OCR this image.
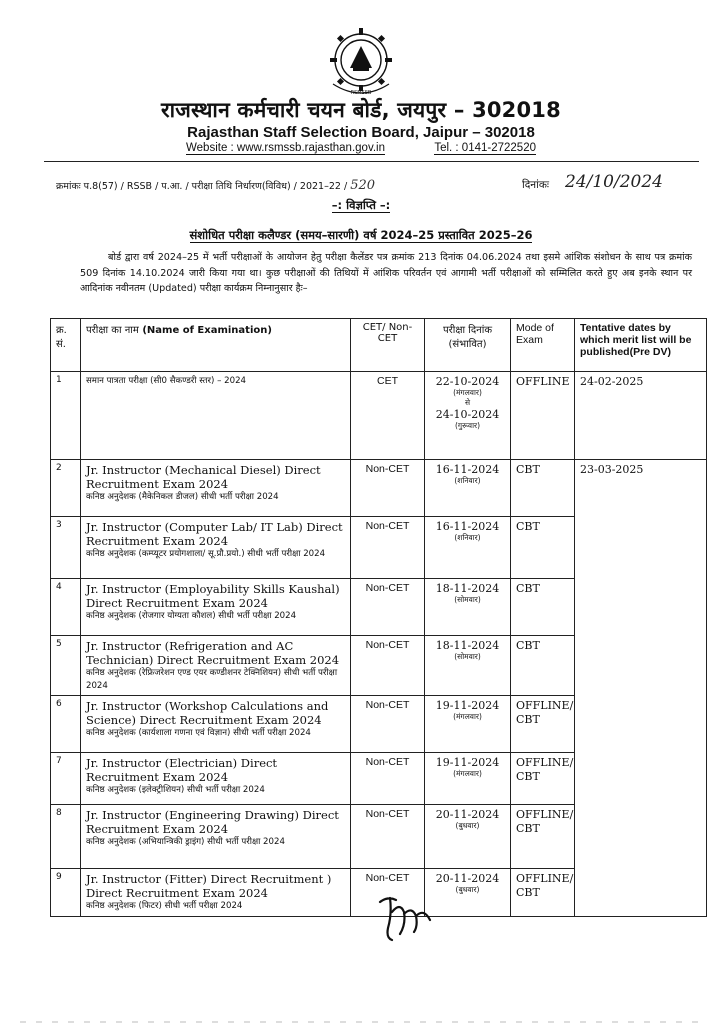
RSMSSB
राजस्थान कर्मचारी चयन बोर्ड, जयपुर – 302018
Rajasthan Staff Selection Board, Jaipur – 302018
Website : www.rsmssb.rajasthan.gov.in	Tel. : 0141-2722520
क्रमांकः प.8(57) / RSSB / प.आ. / परीक्षा तिथि निर्धारण(विविध) / 2021–22 / 520	दिनांकः 24/10/2024
–: विज्ञप्ति –:
संशोधित परीक्षा कलैण्डर (समय–सारणी) वर्ष 2024–25 प्रस्तावित 2025–26
बोर्ड द्वारा वर्ष 2024–25 में भर्ती परीक्षाओं के आयोजन हेतु परीक्षा कैलेंडर पत्र क्रमांक 213 दिनांक 04.06.2024 तथा इसमे आंशिक संशोधन के साथ पत्र क्रमांक 509 दिनांक 14.10.2024 जारी किया गया था। कुछ परीक्षाओं की तिथियों में आंशिक परिवर्तन एवं आगामी भर्ती परीक्षाओं को सम्मिलित करते हुए अब इनके स्थान पर आदिनांक नवीनतम (Updated) परीक्षा कार्यक्रम निम्नानुसार हैः–
क्र. सं.	परीक्षा का नाम (Name of Examination)	CET/ Non-CET	परीक्षा दिनांक (संभावित)	Mode of Exam	Tentative dates by which merit list will be published(Pre DV)
1	समान पात्रता परीक्षा (सी0 सैकण्डरी स्तर) – 2024	CET	22-10-2024
(मंगलवार)
से
24-10-2024
(गुरूवार)	OFFLINE	24-02-2025
2	Jr. Instructor (Mechanical Diesel) Direct Recruitment Exam 2024
कनिष्ठ अनुदेशक (मैकेनिकल डीजल) सीधी भर्ती परीक्षा 2024	Non-CET	16-11-2024
(शनिवार)	CBT	23-03-2025
3	Jr. Instructor (Computer Lab/ IT Lab) Direct Recruitment Exam 2024
कनिष्ठ अनुदेशक (कम्प्यूटर प्रयोगशाला/ सू.प्रौ.प्रयो.) सीधी भर्ती परीक्षा 2024	Non-CET	16-11-2024
(शनिवार)	CBT	
4	Jr. Instructor (Employability Skills Kaushal) Direct Recruitment Exam 2024
कनिष्ठ अनुदेशक (रोजगार योग्यता कौशल) सीधी भर्ती परीक्षा 2024	Non-CET	18-11-2024
(सोमवार)	CBT	
5	Jr. Instructor (Refrigeration and AC Technician) Direct Recruitment Exam 2024
कनिष्ठ अनुदेशक (रेफ्रिजरेशन एण्ड एयर कण्डीशनर टेक्निशियन) सीधी भर्ती परीक्षा 2024	Non-CET	18-11-2024
(सोमवार)	CBT	
6	Jr. Instructor (Workshop Calculations and Science) Direct Recruitment Exam 2024
कनिष्ठ अनुदेशक (कार्यशाला गणना एवं विज्ञान) सीधी भर्ती परीक्षा 2024	Non-CET	19-11-2024
(मंगलवार)	OFFLINE/ CBT	
7	Jr. Instructor (Electrician) Direct Recruitment Exam 2024
कनिष्ठ अनुदेशक (इलेक्ट्रीशियन) सीधी भर्ती परीक्षा 2024	Non-CET	19-11-2024
(मंगलवार)	OFFLINE/ CBT	
8	Jr. Instructor (Engineering Drawing) Direct Recruitment Exam 2024
कनिष्ठ अनुदेशक (अभियान्त्रिकी ड्राइंग) सीधी भर्ती परीक्षा 2024	Non-CET	20-11-2024
(बुधवार)	OFFLINE/ CBT	
9	Jr. Instructor (Fitter) Direct Recruitment ) Direct Recruitment Exam 2024
कनिष्ठ अनुदेशक (फिटर) सीधी भर्ती परीक्षा 2024	Non-CET	20-11-2024
(बुधवार)	OFFLINE/ CBT	
